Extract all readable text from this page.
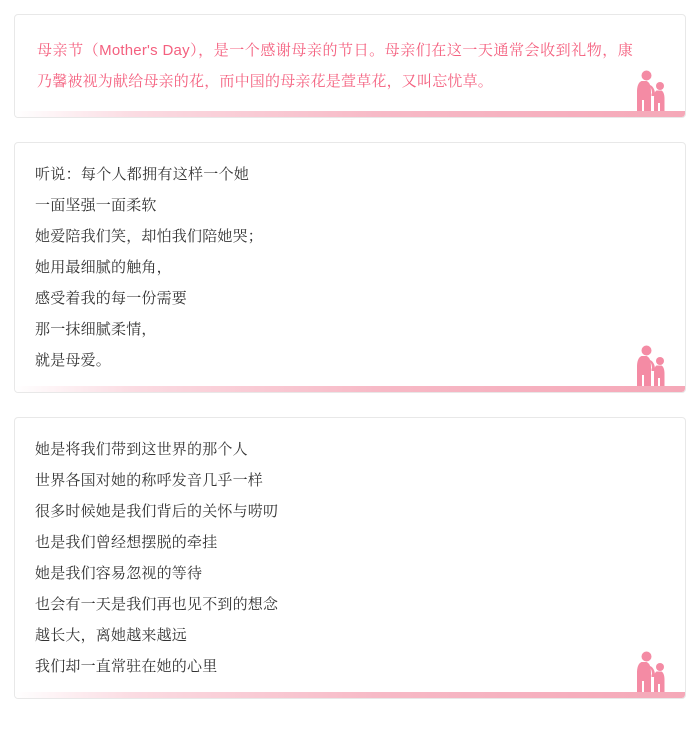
母亲节（Mother's Day），是一个感谢母亲的节日。母亲们在这一天通常会收到礼物，康乃馨被视为献给母亲的花，而中国的母亲花是萱草花，又叫忘忧草。

听说：每个人都拥有这样一个她
一面坚强一面柔软
她爱陪我们笑，却怕我们陪她哭；
她用最细腻的触角，
感受着我的每一份需要
那一抹细腻柔情，
就是母爱。
她是将我们带到这世界的那个人
世界各国对她的称呼发音几乎一样
很多时候她是我们背后的关怀与唠叨
也是我们曾经想摆脱的牵挂
她是我们容易忽视的等待
也会有一天是我们再也见不到的想念
越长大，离她越来越远
我们却一直常驻在她的心里
